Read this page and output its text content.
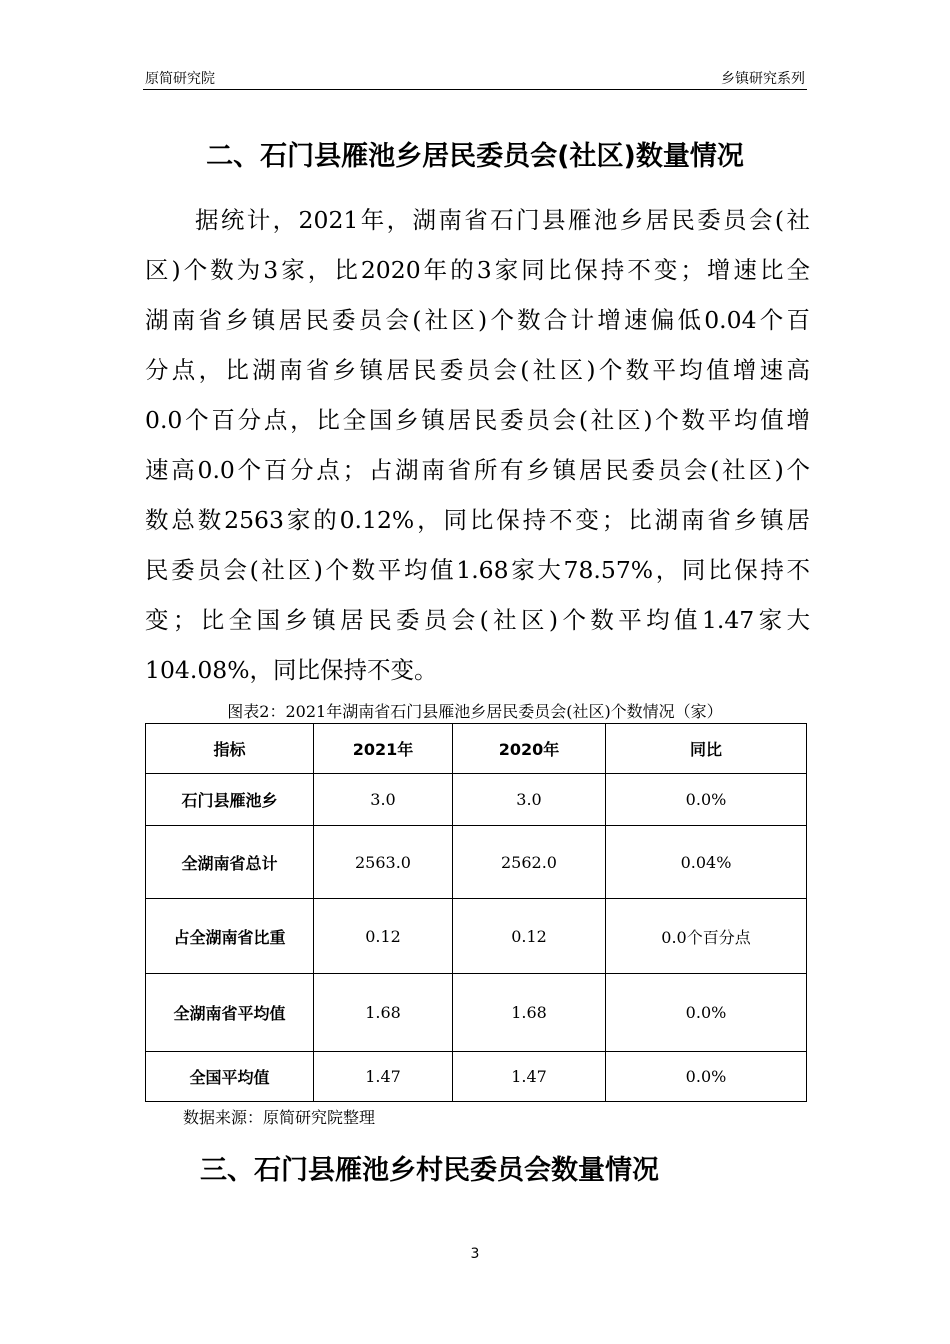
原简研究院	乡镇研究系列
二、石门县雁池乡居民委员会(社区)数量情况
据统计，2021年，湖南省石门县雁池乡居民委员会(社
区)个数为3家，比2020年的3家同比保持不变；增速比全
湖南省乡镇居民委员会(社区)个数合计增速偏低0.04个百
分点，比湖南省乡镇居民委员会(社区)个数平均值增速高
0.0个百分点，比全国乡镇居民委员会(社区)个数平均值增
速高0.0个百分点；占湖南省所有乡镇居民委员会(社区)个
数总数2563家的0.12%，同比保持不变；比湖南省乡镇居
民委员会(社区)个数平均值1.68家大78.57%，同比保持不
变；比全国乡镇居民委员会(社区)个数平均值1.47家大
104.08%，同比保持不变。
图表2：2021年湖南省石门县雁池乡居民委员会(社区)个数情况（家）
指标	2021年	2020年	同比
石门县雁池乡	3.0	3.0	0.0%
全湖南省总计	2563.0	2562.0	0.04%
占全湖南省比重	0.12	0.12	0.0个百分点
全湖南省平均值	1.68	1.68	0.0%
全国平均值	1.47	1.47	0.0%
数据来源：原简研究院整理
三、石门县雁池乡村民委员会数量情况
3
